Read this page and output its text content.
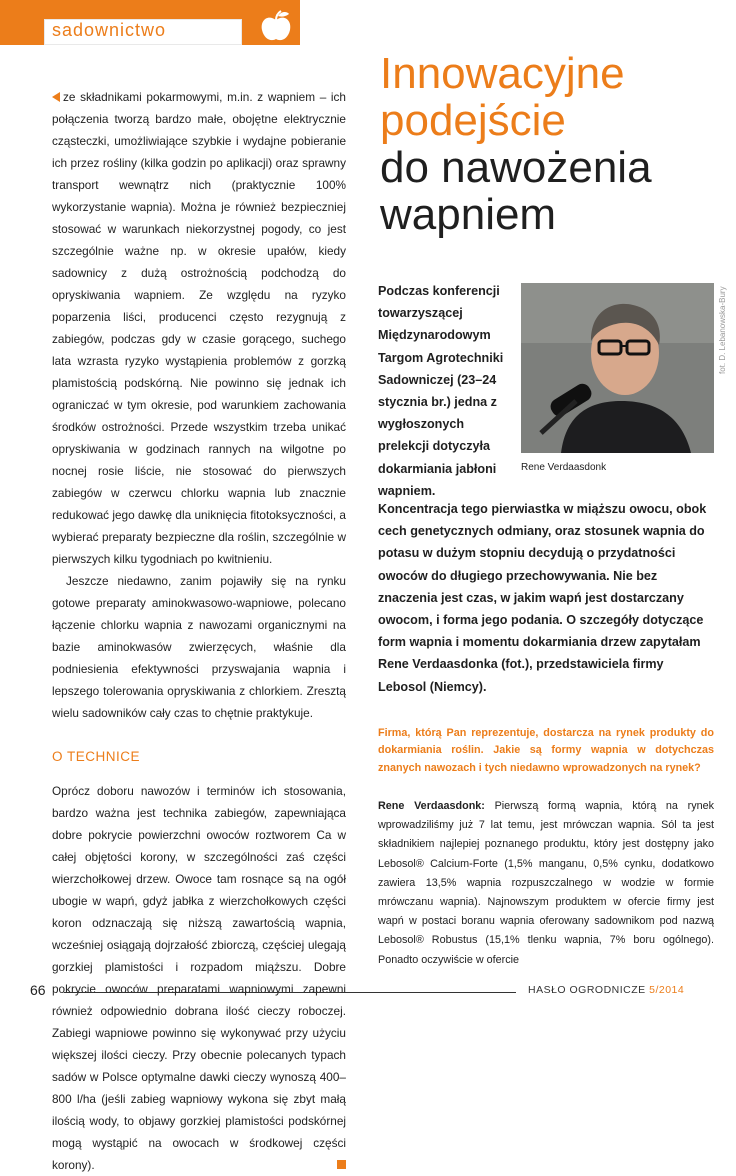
sadownictwo

ze składnikami pokarmowymi, m.in. z wapniem – ich połączenia tworzą bardzo małe, obojętne elektrycznie cząsteczki, umożliwiające szybkie i wydajne pobieranie ich przez rośliny (kilka godzin po aplikacji) oraz sprawny transport wewnątrz nich (praktycznie 100% wykorzystanie wapnia). Można je również bezpieczniej stosować w warunkach niekorzystnej pogody, co jest szczególnie ważne np. w okresie upałów, kiedy sadownicy z dużą ostrożnością podchodzą do opryskiwania wapniem. Ze względu na ryzyko poparzenia liści, producenci często rezygnują z zabiegów, podczas gdy w czasie gorącego, suchego lata wzrasta ryzyko wystąpienia problemów z gorzką plamistością podskórną. Nie powinno się jednak ich ograniczać w tym okresie, pod warunkiem zachowania środków ostrożności. Przede wszystkim trzeba unikać opryskiwania w godzinach rannych na wilgotne po nocnej rosie liście, nie stosować do pierwszych zabiegów w czerwcu chlorku wapnia lub znacznie redukować jego dawkę dla uniknięcia fitotoksyczności, a wybierać preparaty bezpieczne dla roślin, szczególnie w pierwszych kilku tygodniach po kwitnieniu.

Jeszcze niedawno, zanim pojawiły się na rynku gotowe preparaty aminokwasowo-wapniowe, polecano łączenie chlorku wapnia z nawozami organicznymi na bazie aminokwasów zwierzęcych, właśnie dla podniesienia efektywności przyswajania wapnia i lepszego tolerowania opryskiwania z chlorkiem. Zresztą wielu sadowników cały czas to chętnie praktykuje.

O TECHNICE

Oprócz doboru nawozów i terminów ich stosowania, bardzo ważna jest technika zabiegów, zapewniająca dobre pokrycie powierzchni owoców roztworem Ca w całej objętości korony, w szczególności zaś części wierzchołkowej drzew. Owoce tam rosnące są na ogół ubogie w wapń, gdyż jabłka z wierzchołkowych części koron odznaczają się niższą zawartością wapnia, wcześniej osiągają dojrzałość zbiorczą, częściej ulegają gorzkiej plamistości i rozpadom miąższu. Dobre pokrycie owoców preparatami wapniowymi zapewni również odpowiednio dobrana ilość cieczy roboczej. Zabiegi wapniowe powinno się wykonywać przy użyciu większej ilości cieczy. Przy obecnie polecanych typach sadów w Polsce optymalne dawki cieczy wynoszą 400–800 l/ha (jeśli zabieg wapniowy wykona się zbyt małą ilością wody, to objawy gorzkiej plamistości podskórnej mogą wystąpić na owocach w środkowej części korony).

Innowacyjne
podejście
do nawożenia
wapniem
fot. D. Lebanowska-Bury
Rene Verdaasdonk

Podczas konferencji towarzyszącej Międzynarodowym Targom Agrotechniki Sadowniczej (23–24 stycznia br.) jedna z wygłoszonych prelekcji dotyczyła dokarmiania jabłoni wapniem.

Koncentracja tego pierwiastka w miąższu owocu, obok cech genetycznych odmiany, oraz stosunek wapnia do potasu w dużym stopniu decydują o przydatności owoców do długiego przechowywania. Nie bez znaczenia jest czas, w jakim wapń jest dostarczany owocom, i forma jego podania. O szczegóły dotyczące form wapnia i momentu dokarmiania drzew zapytałam Rene Verdaasdonka (fot.), przedstawiciela firmy Lebosol (Niemcy).

Firma, którą Pan reprezentuje, dostarcza na rynek produkty do dokarmiania roślin. Jakie są formy wapnia w dotychczas znanych nawozach i tych niedawno wprowadzonych na rynek?

Rene Verdaasdonk: Pierwszą formą wapnia, którą na rynek wprowadziliśmy już 7 lat temu, jest mrówczan wapnia. Sól ta jest składnikiem najlepiej poznanego produktu, który jest dostępny jako Lebosol® Calcium-Forte (1,5% manganu, 0,5% cynku, dodatkowo zawiera 13,5% wapnia rozpuszczalnego w wodzie w formie mrówczanu wapnia). Najnowszym produktem w ofercie firmy jest wapń w postaci boranu wapnia oferowany sadownikom pod nazwą Lebosol® Robustus (15,1% tlenku wapnia, 7% boru ogólnego). Ponadto oczywiście w ofercie

66	HASŁO OGRODNICZE 5/2014
